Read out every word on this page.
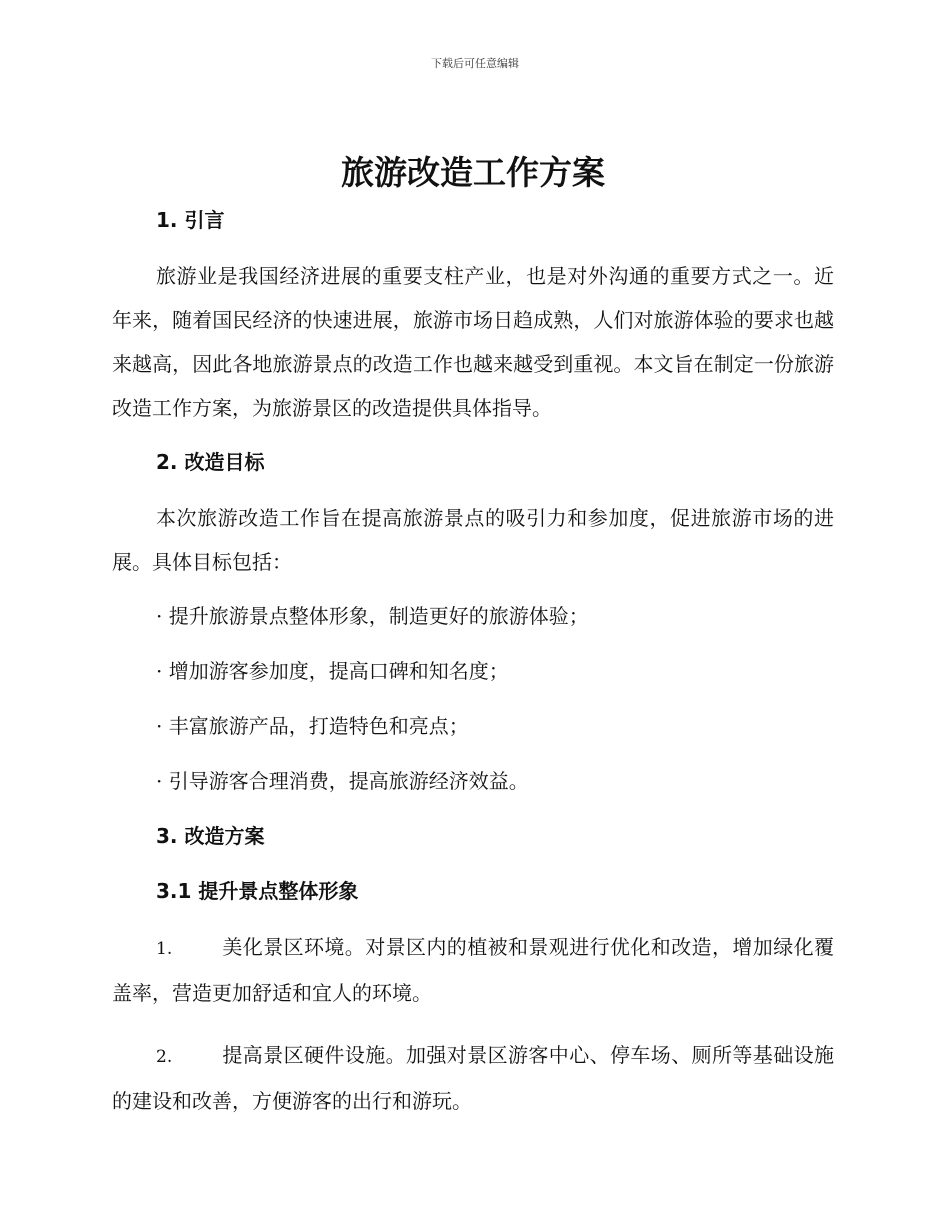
下载后可任意编辑
旅游改造工作方案
1. 引言

旅游业是我国经济进展的重要支柱产业，也是对外沟通的重要方式之一。近年来，随着国民经济的快速进展，旅游市场日趋成熟，人们对旅游体验的要求也越来越高，因此各地旅游景点的改造工作也越来越受到重视。本文旨在制定一份旅游改造工作方案，为旅游景区的改造提供具体指导。

2. 改造目标

本次旅游改造工作旨在提高旅游景点的吸引力和参加度，促进旅游市场的进展。具体目标包括：

· 提升旅游景点整体形象，制造更好的旅游体验；

· 增加游客参加度，提高口碑和知名度；

· 丰富旅游产品，打造特色和亮点；

· 引导游客合理消费，提高旅游经济效益。

3. 改造方案
3.1 提升景点整体形象

1. 美化景区环境。对景区内的植被和景观进行优化和改造，增加绿化覆盖率，营造更加舒适和宜人的环境。

2. 提高景区硬件设施。加强对景区游客中心、停车场、厕所等基础设施的建设和改善，方便游客的出行和游玩。
